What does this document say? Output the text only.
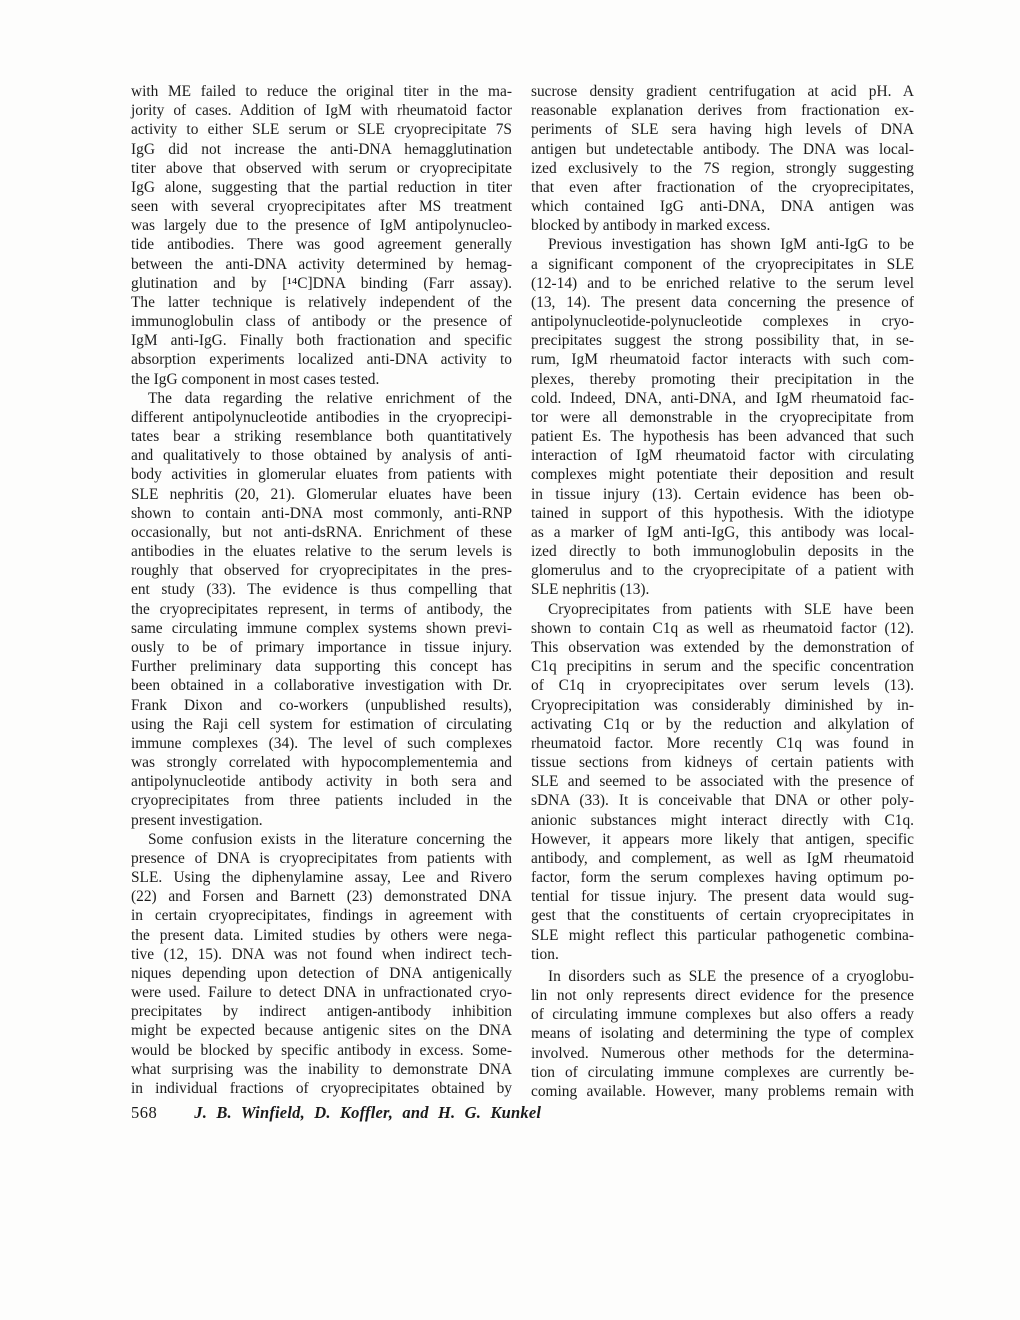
with ME failed to reduce the original titer in the ma-
jority of cases. Addition of IgM with rheumatoid factor
activity to either SLE serum or SLE cryoprecipitate 7S
IgG did not increase the anti-DNA hemagglutination
titer above that observed with serum or cryoprecipitate
IgG alone, suggesting that the partial reduction in titer
seen with several cryoprecipitates after MS treatment
was largely due to the presence of IgM antipolynucleo-
tide antibodies. There was good agreement generally
between the anti-DNA activity determined by hemag-
glutination and by [¹⁴C]DNA binding (Farr assay).
The latter technique is relatively independent of the
immunoglobulin class of antibody or the presence of
IgM anti-IgG. Finally both fractionation and specific
absorption experiments localized anti-DNA activity to
the IgG component in most cases tested.
The data regarding the relative enrichment of the
different antipolynucleotide antibodies in the cryoprecipi-
tates bear a striking resemblance both quantitatively
and qualitatively to those obtained by analysis of anti-
body activities in glomerular eluates from patients with
SLE nephritis (20, 21). Glomerular eluates have been
shown to contain anti-DNA most commonly, anti-RNP
occasionally, but not anti-dsRNA. Enrichment of these
antibodies in the eluates relative to the serum levels is
roughly that observed for cryoprecipitates in the pres-
ent study (33). The evidence is thus compelling that
the cryoprecipitates represent, in terms of antibody, the
same circulating immune complex systems shown previ-
ously to be of primary importance in tissue injury.
Further preliminary data supporting this concept has
been obtained in a collaborative investigation with Dr.
Frank Dixon and co-workers (unpublished results),
using the Raji cell system for estimation of circulating
immune complexes (34). The level of such complexes
was strongly correlated with hypocomplementemia and
antipolynucleotide antibody activity in both sera and
cryoprecipitates from three patients included in the
present investigation.
Some confusion exists in the literature concerning the
presence of DNA is cryoprecipitates from patients with
SLE. Using the diphenylamine assay, Lee and Rivero
(22) and Forsen and Barnett (23) demonstrated DNA
in certain cryoprecipitates, findings in agreement with
the present data. Limited studies by others were nega-
tive (12, 15). DNA was not found when indirect tech-
niques depending upon detection of DNA antigenically
were used. Failure to detect DNA in unfractionated cryo-
precipitates by indirect antigen-antibody inhibition
might be expected because antigenic sites on the DNA
would be blocked by specific antibody in excess. Some-
what surprising was the inability to demonstrate DNA
in individual fractions of cryoprecipitates obtained by
sucrose density gradient centrifugation at acid pH. A
reasonable explanation derives from fractionation ex-
periments of SLE sera having high levels of DNA
antigen but undetectable antibody. The DNA was local-
ized exclusively to the 7S region, strongly suggesting
that even after fractionation of the cryoprecipitates,
which contained IgG anti-DNA, DNA antigen was
blocked by antibody in marked excess.
Previous investigation has shown IgM anti-IgG to be
a significant component of the cryoprecipitates in SLE
(12-14) and to be enriched relative to the serum level
(13, 14). The present data concerning the presence of
antipolynucleotide-polynucleotide complexes in cryo-
precipitates suggest the strong possibility that, in se-
rum, IgM rheumatoid factor interacts with such com-
plexes, thereby promoting their precipitation in the
cold. Indeed, DNA, anti-DNA, and IgM rheumatoid fac-
tor were all demonstrable in the cryoprecipitate from
patient Es. The hypothesis has been advanced that such
interaction of IgM rheumatoid factor with circulating
complexes might potentiate their deposition and result
in tissue injury (13). Certain evidence has been ob-
tained in support of this hypothesis. With the idiotype
as a marker of IgM anti-IgG, this antibody was local-
ized directly to both immunoglobulin deposits in the
glomerulus and to the cryoprecipitate of a patient with
SLE nephritis (13).
Cryoprecipitates from patients with SLE have been
shown to contain C1q as well as rheumatoid factor (12).
This observation was extended by the demonstration of
C1q precipitins in serum and the specific concentration
of C1q in cryoprecipitates over serum levels (13).
Cryoprecipitation was considerably diminished by in-
activating C1q or by the reduction and alkylation of
rheumatoid factor. More recently C1q was found in
tissue sections from kidneys of certain patients with
SLE and seemed to be associated with the presence of
sDNA (33). It is conceivable that DNA or other poly-
anionic substances might interact directly with C1q.
However, it appears more likely that antigen, specific
antibody, and complement, as well as IgM rheumatoid
factor, form the serum complexes having optimum po-
tential for tissue injury. The present data would sug-
gest that the constituents of certain cryoprecipitates in
SLE might reflect this particular pathogenetic combina-
tion.
In disorders such as SLE the presence of a cryoglobu-
lin not only represents direct evidence for the presence
of circulating immune complexes but also offers a ready
means of isolating and determining the type of complex
involved. Numerous other methods for the determina-
tion of circulating immune complexes are currently be-
coming available. However, many problems remain with
568 J. B. Winfield, D. Koffler, and H. G. Kunkel
